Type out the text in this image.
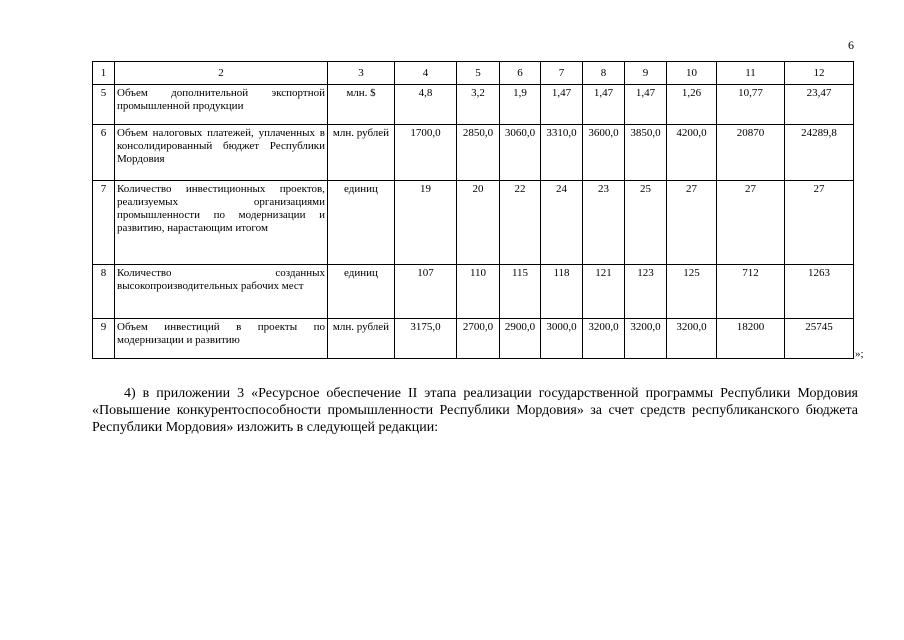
6
1	2	3	4	5	6	7	8	9	10	11	12
5	Объем дополнительной экспортной промышленной продукции	млн. $	4,8	3,2	1,9	1,47	1,47	1,47	1,26	10,77	23,47
6	Объем налоговых платежей, уплаченных в консолидированный бюджет Республики Мордовия	млн. рублей	1700,0	2850,0	3060,0	3310,0	3600,0	3850,0	4200,0	20870	24289,8
7	Количество инвестиционных проектов, реализуемых организациями промышленности по модернизации и развитию, нарастающим итогом	единиц	19	20	22	24	23	25	27	27	27
8	Количество созданных высокопроизводительных рабочих мест	единиц	107	110	115	118	121	123	125	712	1263
9	Объем инвестиций в проекты по модернизации и развитию	млн. рублей	3175,0	2700,0	2900,0	3000,0	3200,0	3200,0	3200,0	18200	25745
»;

4) в приложении 3 «Ресурсное обеспечение II этапа реализации государственной программы Республики Мордовия «Повышение конкурентоспособности промышленности Республики Мордовия» за счет средств республиканского бюджета Республики Мордовия» изложить в следующей редакции:
